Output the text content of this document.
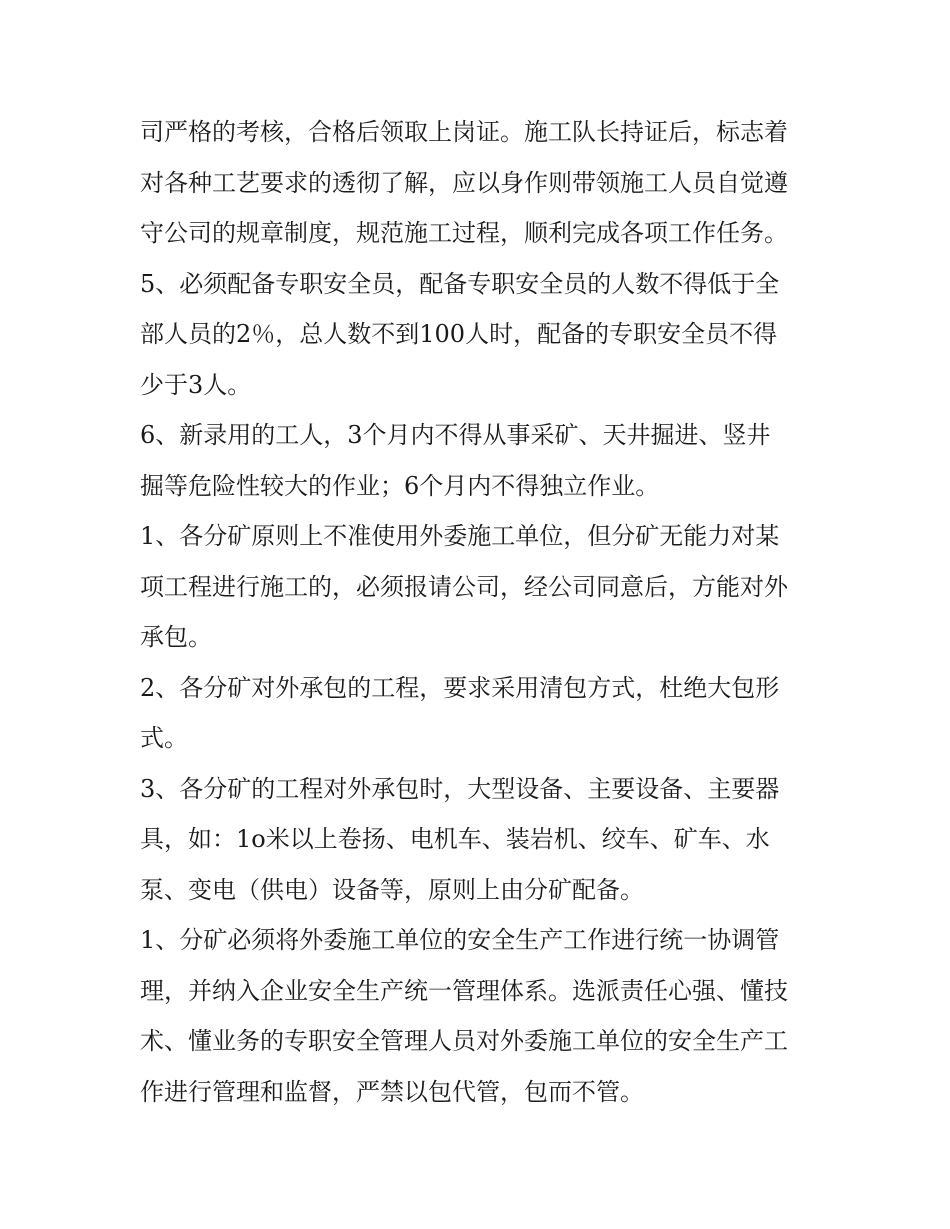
司严格的考核，合格后领取上岗证。施工队长持证后，标志着
对各种工艺要求的透彻了解，应以身作则带领施工人员自觉遵
守公司的规章制度，规范施工过程，顺利完成各项工作任务。
5、必须配备专职安全员，配备专职安全员的人数不得低于全
部人员的2％，总人数不到100人时，配备的专职安全员不得
少于3人。
6、新录用的工人，3个月内不得从事采矿、天井掘进、竖井
掘等危险性较大的作业；6个月内不得独立作业。
1、各分矿原则上不准使用外委施工单位，但分矿无能力对某
项工程进行施工的，必须报请公司，经公司同意后，方能对外
承包。
2、各分矿对外承包的工程，要求采用清包方式，杜绝大包形
式。
3、各分矿的工程对外承包时，大型设备、主要设备、主要器
具，如：1o米以上卷扬、电机车、装岩机、绞车、矿车、水
泵、变电（供电）设备等，原则上由分矿配备。
1、分矿必须将外委施工单位的安全生产工作进行统一协调管
理，并纳入企业安全生产统一管理体系。选派责任心强、懂技
术、懂业务的专职安全管理人员对外委施工单位的安全生产工
作进行管理和监督，严禁以包代管，包而不管。
